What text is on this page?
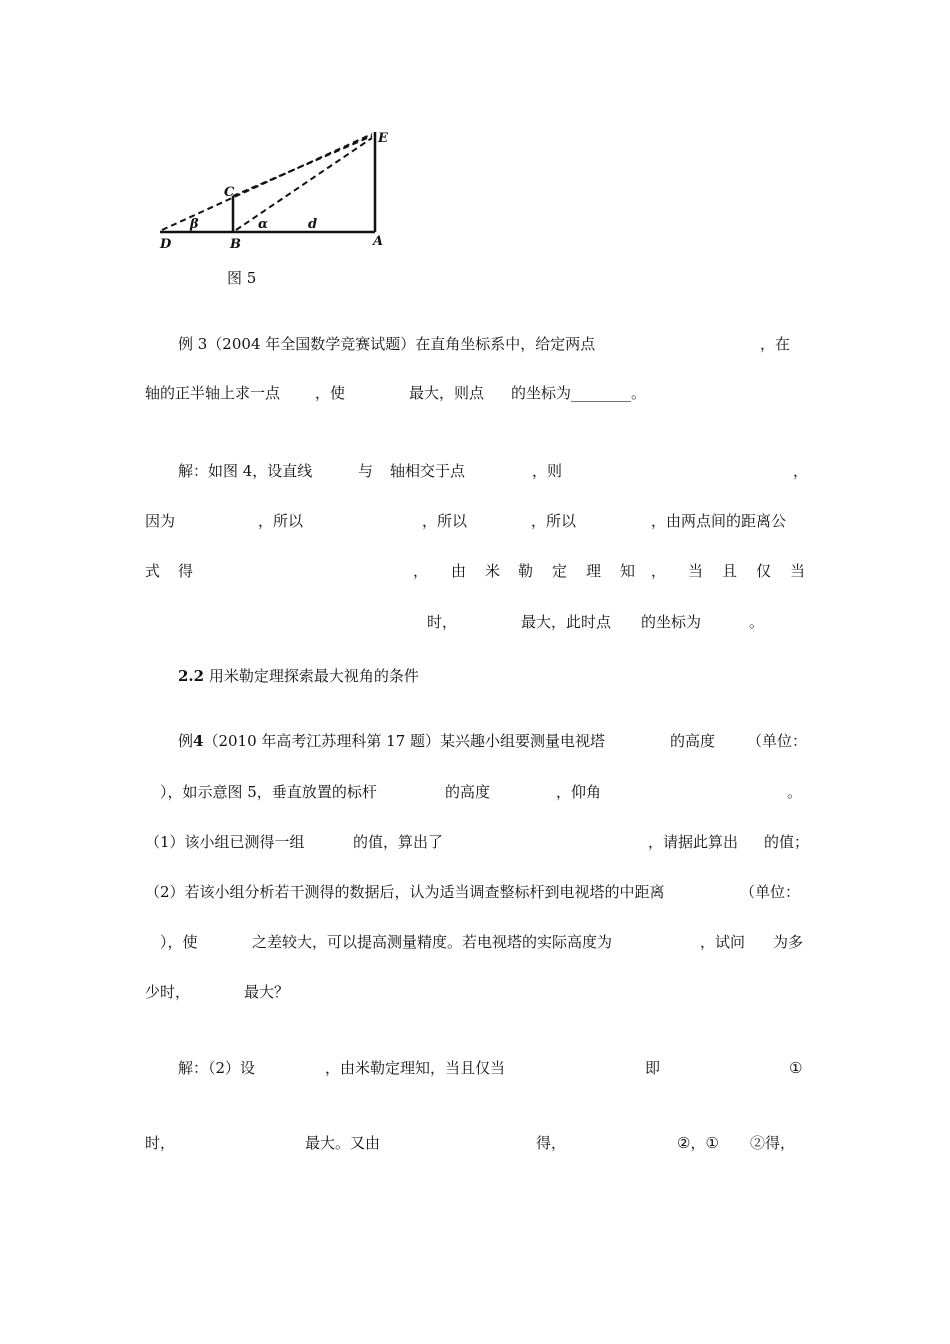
E
C
β	α	d
D	B	A
图 5
例 3（2004 年全国数学竞赛试题）在直角坐标系中，给定两点	，在
轴的正半轴上求一点 ，使	最大，则点 的坐标为________。
解：如图 4，设直线	与 轴相交于点	，则	，
因为	，所以	，所以	，所以	，由两点间的距离公
式 得	， 由 米 勒 定 理 知 ， 当 且 仅 当
时，	最大，此时点 的坐标为	。
2.2 用米勒定理探索最大视角的条件
例4（2010 年高考江苏理科第 17 题）某兴趣小组要测量电视塔	的高度 （单位：
），如示意图 5，垂直放置的标杆	的高度	，仰角	。
（1）该小组已测得一组	的值，算出了	，请据此算出 的值；
（2）若该小组分析若干测得的数据后，认为适当调查整标杆到电视塔的中距离	（单位：
），使	之差较大，可以提高测量精度。若电视塔的实际高度为	，试问 为多
少时，	最大？
解：（2）设	，由米勒定理知，当且仅当	即	①
时，	最大。又由	得，	②，① ②得，
